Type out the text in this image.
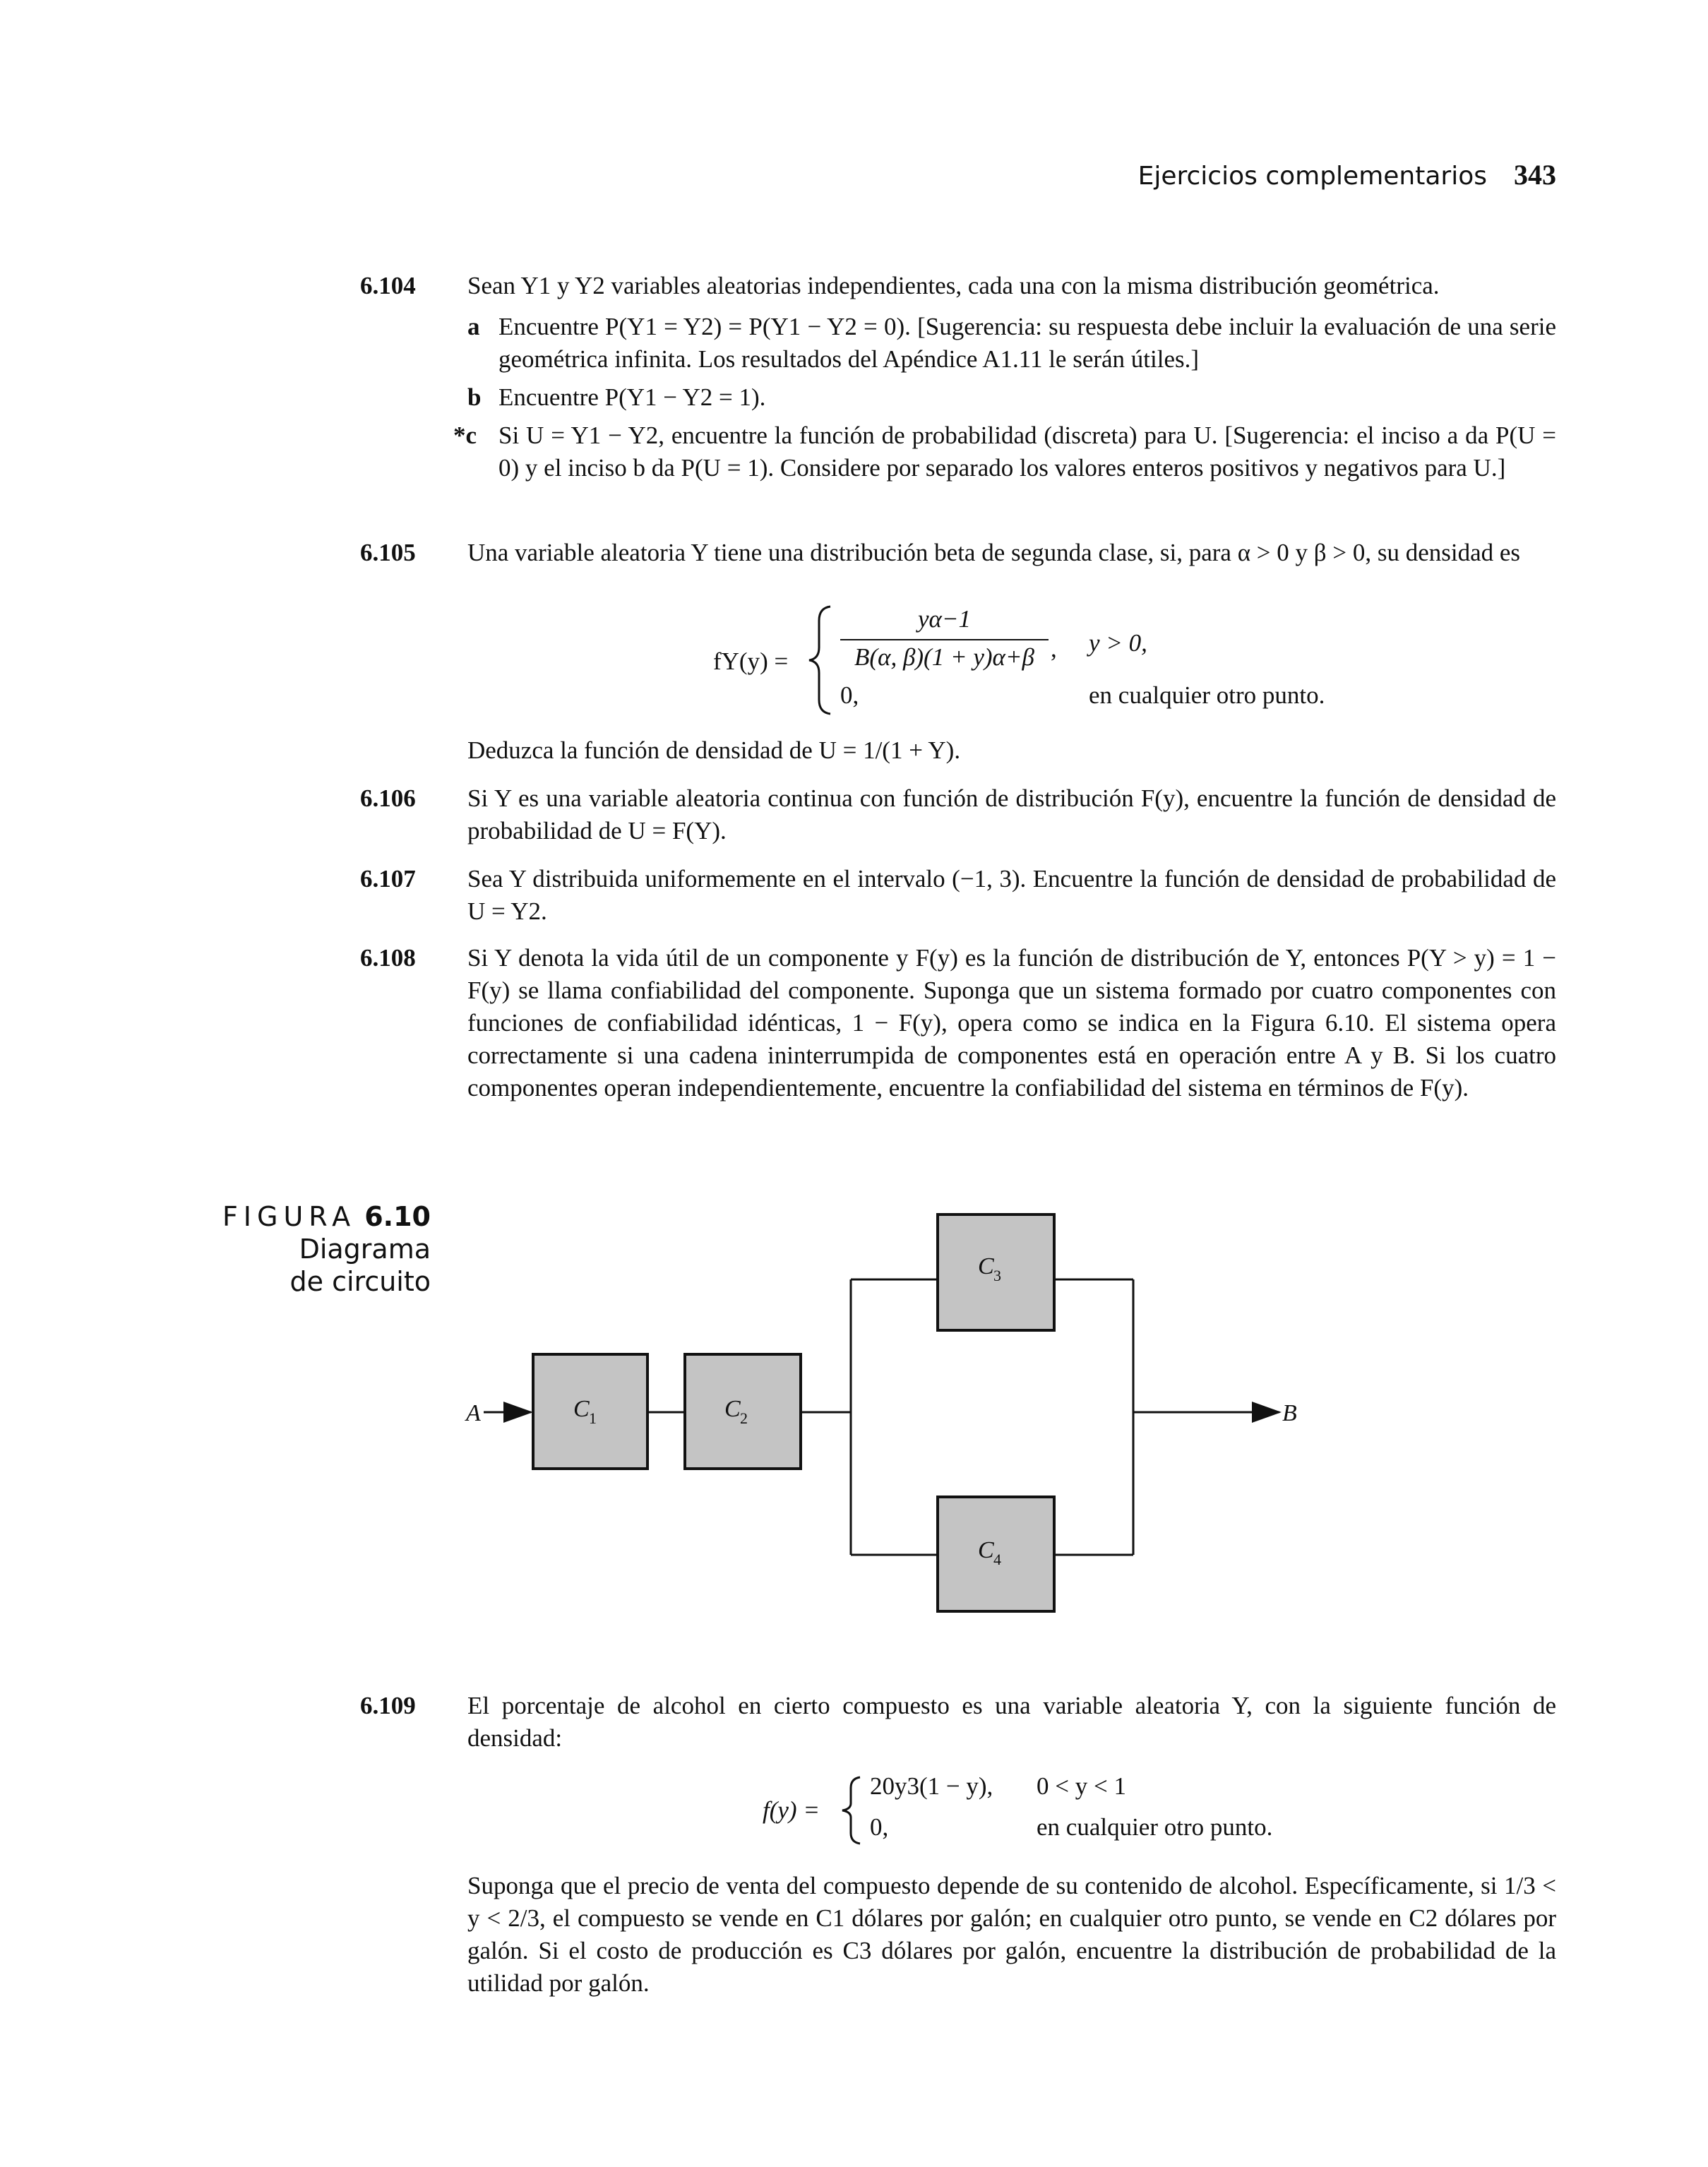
Ejercicios complementarios 343
6.104 Sean Y1 y Y2 variables aleatorias independientes, cada una con la misma distribución geométrica.

a Encuentre P(Y1 = Y2) = P(Y1 − Y2 = 0). [Sugerencia: su respuesta debe incluir la evaluación de una serie geométrica infinita. Los resultados del Apéndice A1.11 le serán útiles.]

b Encuentre P(Y1 − Y2 = 1).

*c Si U = Y1 − Y2, encuentre la función de probabilidad (discreta) para U. [Sugerencia: el inciso a da P(U = 0) y el inciso b da P(U = 1). Considere por separado los valores enteros positivos y negativos para U.]

6.105 Una variable aleatoria Y tiene una distribución beta de segunda clase, si, para α > 0 y β > 0, su densidad es

fY(y) =
yα−1
B(α, β)(1 + y)α+β , y > 0,
0,	en cualquier otro punto.

Deduzca la función de densidad de U = 1/(1 + Y).

6.106 Si Y es una variable aleatoria continua con función de distribución F(y), encuentre la función de densidad de probabilidad de U = F(Y).

6.107 Sea Y distribuida uniformemente en el intervalo (−1, 3). Encuentre la función de densidad de probabilidad de U = Y2.

6.108 Si Y denota la vida útil de un componente y F(y) es la función de distribución de Y, entonces P(Y > y) = 1 − F(y) se llama confiabilidad del componente. Suponga que un sistema formado por cuatro componentes con funciones de confiabilidad idénticas, 1 − F(y), opera como se indica en la Figura 6.10. El sistema opera correctamente si una cadena ininterrumpida de componentes está en operación entre A y B. Si los cuatro componentes operan independientemente, encuentre la confiabilidad del sistema en términos de F(y).

FIGURA 6.10
Diagrama
de circuito
A	B
C	C
C
C
1	2
3
4
6.109 El porcentaje de alcohol en cierto compuesto es una variable aleatoria Y, con la siguiente función de densidad:

f(y) =
20y3(1 − y), 0 < y < 1
0,	en cualquier otro punto.

Suponga que el precio de venta del compuesto depende de su contenido de alcohol. Específicamente, si 1/3 < y < 2/3, el compuesto se vende en C1 dólares por galón; en cualquier otro punto, se vende en C2 dólares por galón. Si el costo de producción es C3 dólares por galón, encuentre la distribución de probabilidad de la utilidad por galón.
